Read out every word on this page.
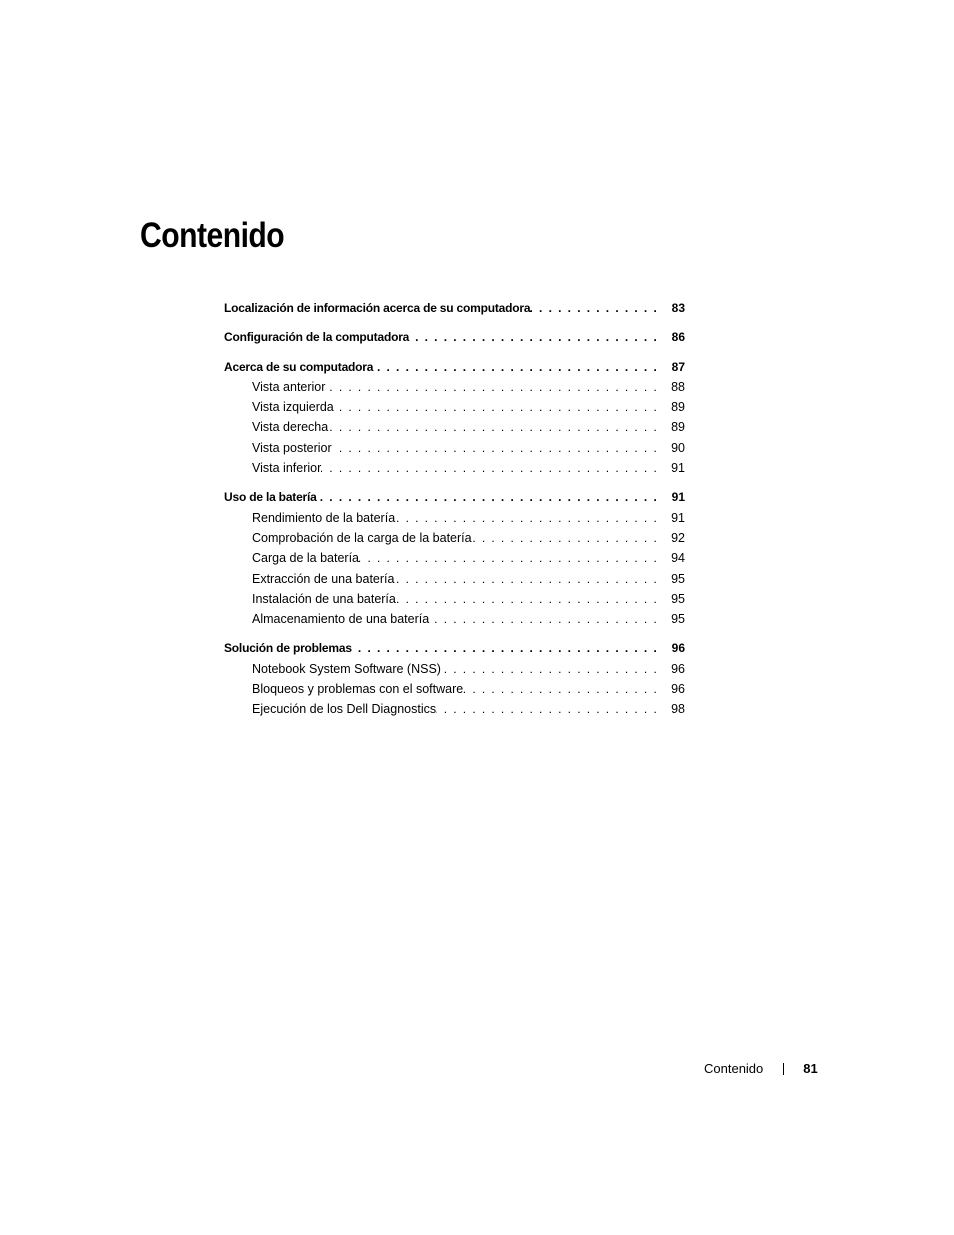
Contenido
Localización de información acerca de su computadora .....	83
Configuración de la computadora .....	86
Acerca de su computadora .....	87
Vista anterior .....	88
Vista izquierda .....	89
Vista derecha .....	89
Vista posterior .....	90
Vista inferior .....	91
Uso de la batería .....	91
Rendimiento de la batería .....	91
Comprobación de la carga de la batería .....	92
Carga de la batería .....	94
Extracción de una batería .....	95
Instalación de una batería .....	95
Almacenamiento de una batería .....	95
Solución de problemas .....	96
Notebook System Software (NSS) .....	96
Bloqueos y problemas con el software .....	96
Ejecución de los Dell Diagnostics .....	98
Contenido	81
